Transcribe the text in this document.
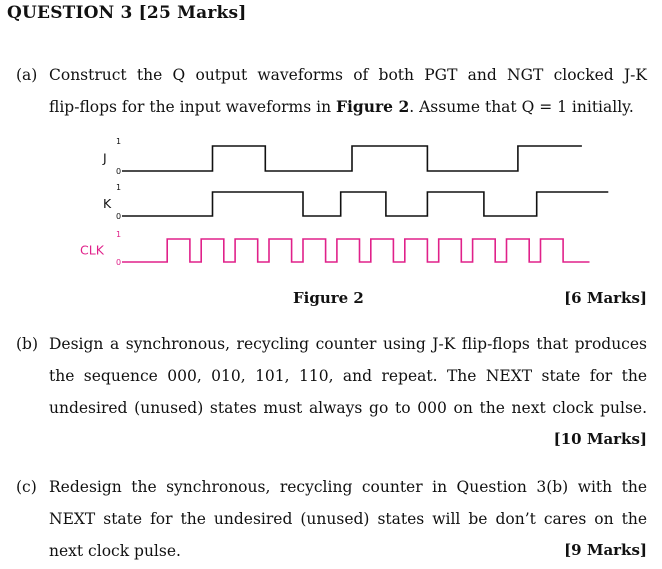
QUESTION 3 [25 Marks]
(a) Construct the Q output waveforms of both PGT and NGT clocked J-K
flip-flops for the input waveforms in Figure 2. Assume that Q = 1 initially.
J
1
0
K
1
0
CLK
1
0
Figure 2	[6 Marks]
(b) Design a synchronous, recycling counter using J-K flip-flops that produces
the sequence 000, 010, 101, 110, and repeat. The NEXT state for the
undesired (unused) states must always go to 000 on the next clock pulse.
[10 Marks]
(c) Redesign the synchronous, recycling counter in Question 3(b) with the
NEXT state for the undesired (unused) states will be don’t cares on the
next clock pulse.	[9 Marks]
